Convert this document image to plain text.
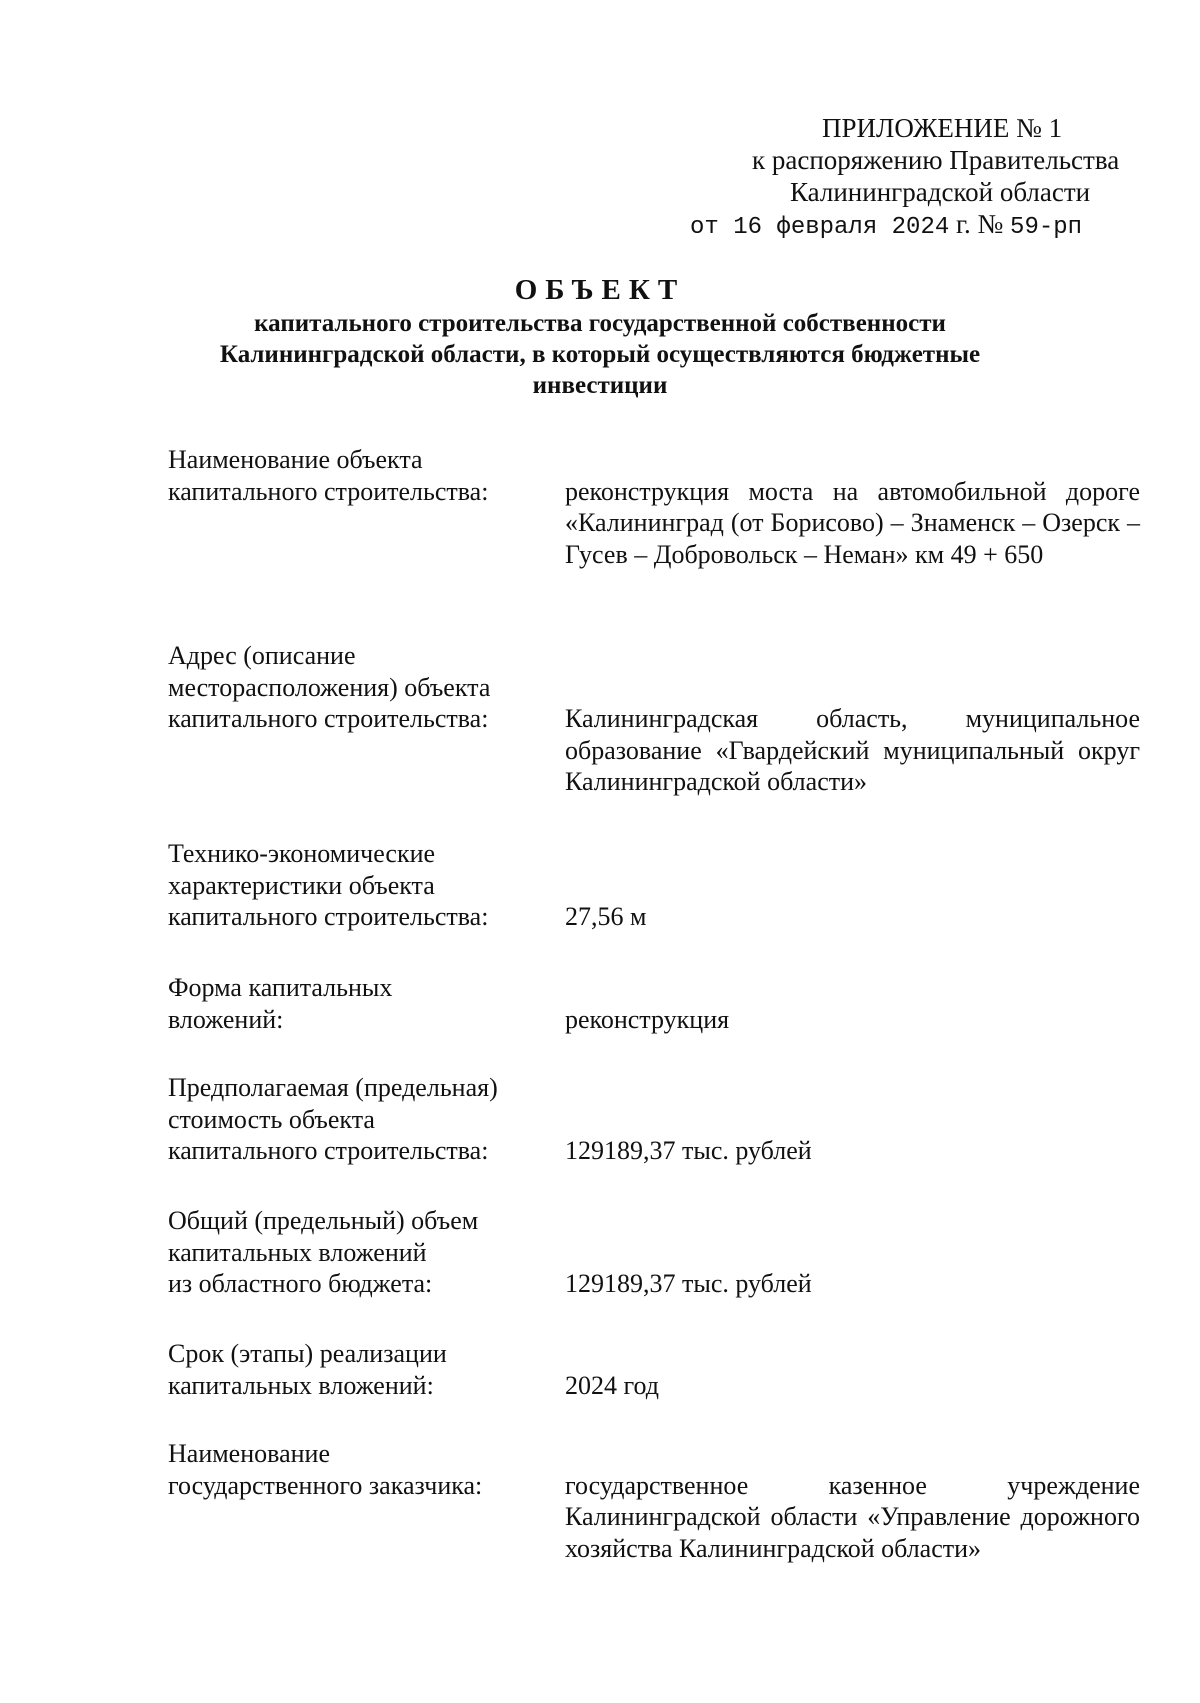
ПРИЛОЖЕНИЕ № 1
к распоряжению Правительства
Калининградской области
от 16 февраля 2024 г. № 59-рп
ОБЪЕКТ
капитального строительства государственной собственности
Калининградской области, в который осуществляются бюджетные
инвестиции
Наименование объекта
капитального строительства:	реконструкция моста на автомобильной дороге «Калининград (от Борисово) – Знаменск – Озерск – Гусев – Добровольск – Неман» км 49 + 650
Адрес (описание
месторасположения) объекта
капитального строительства:	Калининградская область, муниципальное образование «Гвардейский муниципальный округ Калининградской области»
Технико-экономические
характеристики объекта
капитального строительства:	27,56 м
Форма капитальных
вложений:	реконструкция
Предполагаемая (предельная)
стоимость объекта
капитального строительства:	129189,37 тыс. рублей
Общий (предельный) объем
капитальных вложений
из областного бюджета:	129189,37 тыс. рублей
Срок (этапы) реализации
капитальных вложений:	2024 год
Наименование
государственного заказчика:	государственное казенное учреждение Калининградской области «Управление дорожного хозяйства Калининградской области»
